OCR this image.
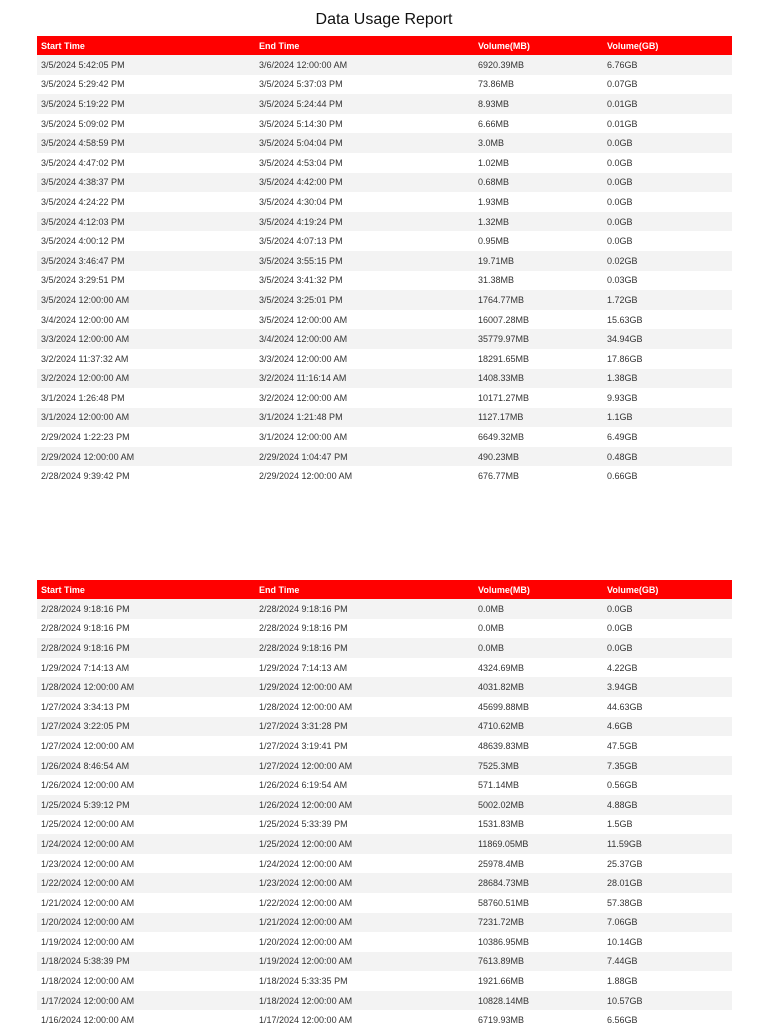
Data Usage Report
Start Time	End Time	Volume(MB)	Volume(GB)
3/5/2024 5:42:05 PM	3/6/2024 12:00:00 AM	6920.39MB	6.76GB
3/5/2024 5:29:42 PM	3/5/2024 5:37:03 PM	73.86MB	0.07GB
3/5/2024 5:19:22 PM	3/5/2024 5:24:44 PM	8.93MB	0.01GB
3/5/2024 5:09:02 PM	3/5/2024 5:14:30 PM	6.66MB	0.01GB
3/5/2024 4:58:59 PM	3/5/2024 5:04:04 PM	3.0MB	0.0GB
3/5/2024 4:47:02 PM	3/5/2024 4:53:04 PM	1.02MB	0.0GB
3/5/2024 4:38:37 PM	3/5/2024 4:42:00 PM	0.68MB	0.0GB
3/5/2024 4:24:22 PM	3/5/2024 4:30:04 PM	1.93MB	0.0GB
3/5/2024 4:12:03 PM	3/5/2024 4:19:24 PM	1.32MB	0.0GB
3/5/2024 4:00:12 PM	3/5/2024 4:07:13 PM	0.95MB	0.0GB
3/5/2024 3:46:47 PM	3/5/2024 3:55:15 PM	19.71MB	0.02GB
3/5/2024 3:29:51 PM	3/5/2024 3:41:32 PM	31.38MB	0.03GB
3/5/2024 12:00:00 AM	3/5/2024 3:25:01 PM	1764.77MB	1.72GB
3/4/2024 12:00:00 AM	3/5/2024 12:00:00 AM	16007.28MB	15.63GB
3/3/2024 12:00:00 AM	3/4/2024 12:00:00 AM	35779.97MB	34.94GB
3/2/2024 11:37:32 AM	3/3/2024 12:00:00 AM	18291.65MB	17.86GB
3/2/2024 12:00:00 AM	3/2/2024 11:16:14 AM	1408.33MB	1.38GB
3/1/2024 1:26:48 PM	3/2/2024 12:00:00 AM	10171.27MB	9.93GB
3/1/2024 12:00:00 AM	3/1/2024 1:21:48 PM	1127.17MB	1.1GB
2/29/2024 1:22:23 PM	3/1/2024 12:00:00 AM	6649.32MB	6.49GB
2/29/2024 12:00:00 AM	2/29/2024 1:04:47 PM	490.23MB	0.48GB
2/28/2024 9:39:42 PM	2/29/2024 12:00:00 AM	676.77MB	0.66GB
Start Time	End Time	Volume(MB)	Volume(GB)
2/28/2024 9:18:16 PM	2/28/2024 9:18:16 PM	0.0MB	0.0GB
2/28/2024 9:18:16 PM	2/28/2024 9:18:16 PM	0.0MB	0.0GB
2/28/2024 9:18:16 PM	2/28/2024 9:18:16 PM	0.0MB	0.0GB
1/29/2024 7:14:13 AM	1/29/2024 7:14:13 AM	4324.69MB	4.22GB
1/28/2024 12:00:00 AM	1/29/2024 12:00:00 AM	4031.82MB	3.94GB
1/27/2024 3:34:13 PM	1/28/2024 12:00:00 AM	45699.88MB	44.63GB
1/27/2024 3:22:05 PM	1/27/2024 3:31:28 PM	4710.62MB	4.6GB
1/27/2024 12:00:00 AM	1/27/2024 3:19:41 PM	48639.83MB	47.5GB
1/26/2024 8:46:54 AM	1/27/2024 12:00:00 AM	7525.3MB	7.35GB
1/26/2024 12:00:00 AM	1/26/2024 6:19:54 AM	571.14MB	0.56GB
1/25/2024 5:39:12 PM	1/26/2024 12:00:00 AM	5002.02MB	4.88GB
1/25/2024 12:00:00 AM	1/25/2024 5:33:39 PM	1531.83MB	1.5GB
1/24/2024 12:00:00 AM	1/25/2024 12:00:00 AM	11869.05MB	11.59GB
1/23/2024 12:00:00 AM	1/24/2024 12:00:00 AM	25978.4MB	25.37GB
1/22/2024 12:00:00 AM	1/23/2024 12:00:00 AM	28684.73MB	28.01GB
1/21/2024 12:00:00 AM	1/22/2024 12:00:00 AM	58760.51MB	57.38GB
1/20/2024 12:00:00 AM	1/21/2024 12:00:00 AM	7231.72MB	7.06GB
1/19/2024 12:00:00 AM	1/20/2024 12:00:00 AM	10386.95MB	10.14GB
1/18/2024 5:38:39 PM	1/19/2024 12:00:00 AM	7613.89MB	7.44GB
1/18/2024 12:00:00 AM	1/18/2024 5:33:35 PM	1921.66MB	1.88GB
1/17/2024 12:00:00 AM	1/18/2024 12:00:00 AM	10828.14MB	10.57GB
1/16/2024 12:00:00 AM	1/17/2024 12:00:00 AM	6719.93MB	6.56GB
